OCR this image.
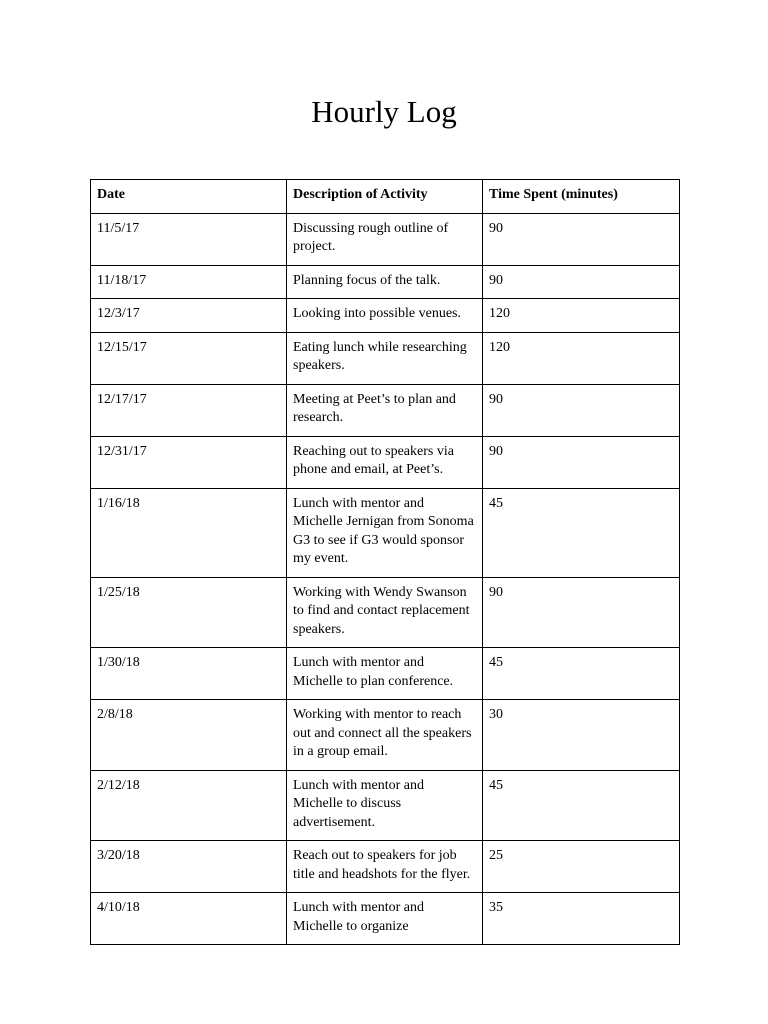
Hourly Log
Date	Description of Activity	Time Spent (minutes)
11/5/17	Discussing rough outline of project.	90
11/18/17	Planning focus of the talk.	90
12/3/17	Looking into possible venues.	120
12/15/17	Eating lunch while researching speakers.	120
12/17/17	Meeting at Peet’s to plan and research.	90
12/31/17	Reaching out to speakers via phone and email, at Peet’s.	90
1/16/18	Lunch with mentor and Michelle Jernigan from Sonoma G3 to see if G3 would sponsor my event.	45
1/25/18	Working with Wendy Swanson to find and contact replacement speakers.	90
1/30/18	Lunch with mentor and Michelle to plan conference.	45
2/8/18	Working with mentor to reach out and connect all the speakers in a group email.	30
2/12/18	Lunch with mentor and Michelle to discuss advertisement.	45
3/20/18	Reach out to speakers for job title and headshots for the flyer.	25
4/10/18	Lunch with mentor and Michelle to organize	35
